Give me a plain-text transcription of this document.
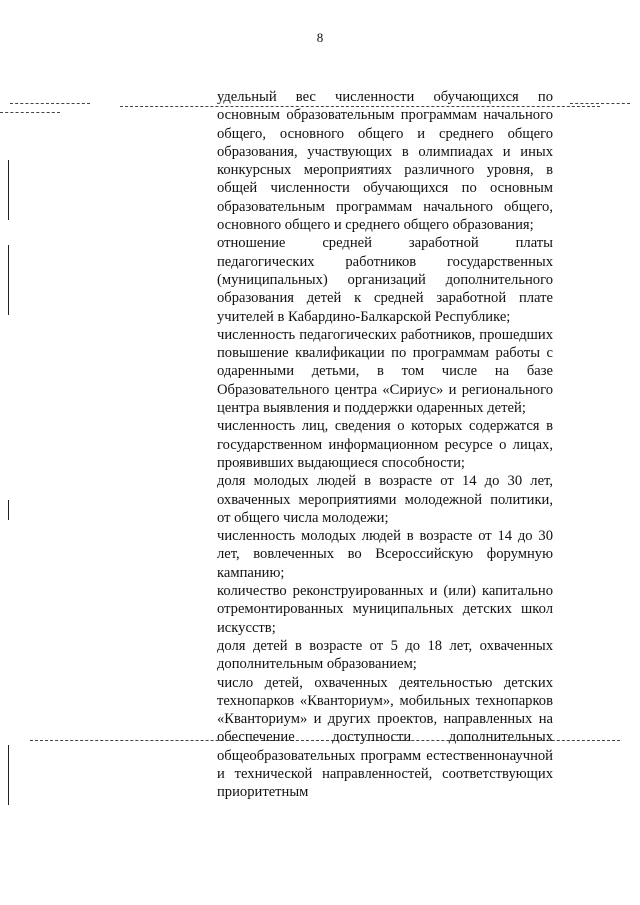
8

удельный вес численности обучающихся по основным образовательным программам начального общего, основного общего и среднего общего образования, участвующих в олимпиадах и иных конкурсных мероприятиях различного уровня, в общей численности обучающихся по основным образовательным программам начального общего, основного общего и среднего общего образования;

отношение средней заработной платы педагогических работников государственных (муниципальных) организаций дополнительного образования детей к средней заработной плате учителей в Кабардино-Балкарской Республике;

численность педагогических работников, прошедших повышение квалификации по программам работы с одаренными детьми, в том числе на базе Образовательного центра «Сириус» и регионального центра выявления и поддержки одаренных детей;

численность лиц, сведения о которых содержатся в государственном информационном ресурсе о лицах, проявивших выдающиеся способности;

доля молодых людей в возрасте от 14 до 30 лет, охваченных мероприятиями молодежной политики, от общего числа молодежи;

численность молодых людей в возрасте от 14 до 30 лет, вовлеченных во Всероссийскую форумную кампанию;

количество реконструированных и (или) капитально отремонтированных муниципальных детских школ искусств;

доля детей в возрасте от 5 до 18 лет, охваченных дополнительным образованием;

число детей, охваченных деятельностью детских технопарков «Кванториум», мобильных технопарков «Кванториум» и других проектов, направленных на обеспечение доступности дополнительных общеобразовательных программ естественнонаучной и технической направленностей, соответствующих приоритетным
